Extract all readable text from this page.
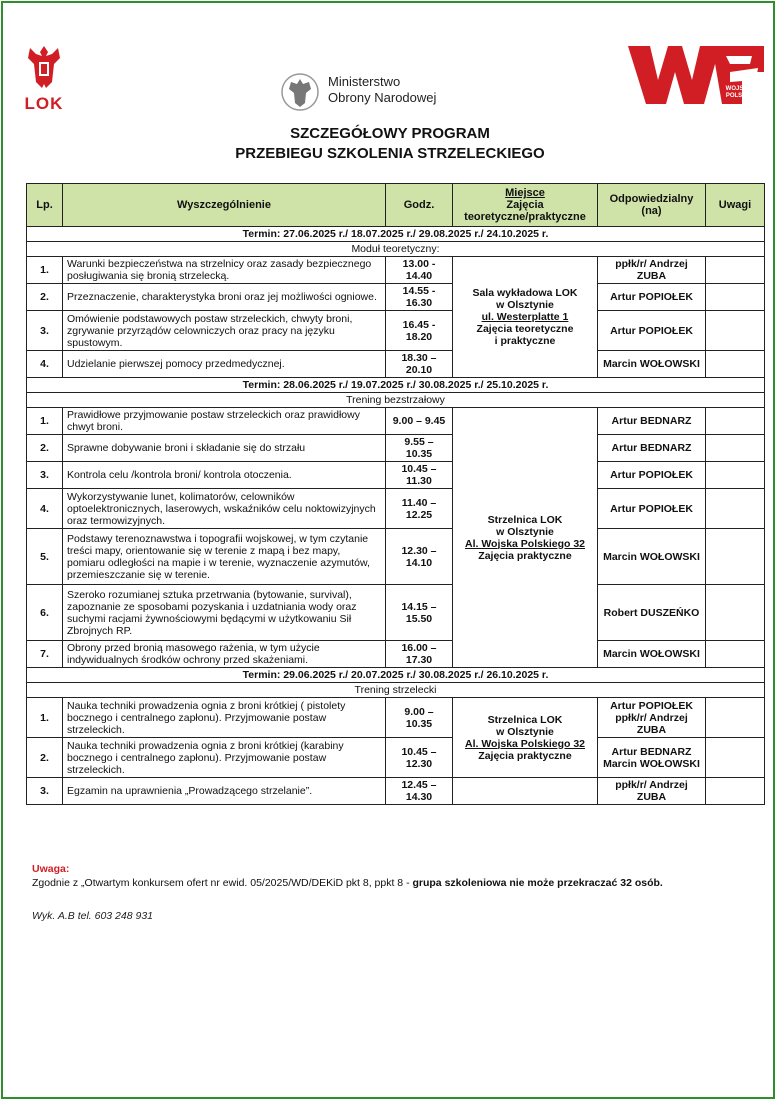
LOK
Ministerstwo
Obrony Narodowej
WOJSKO POLSKIE
SZCZEGÓŁOWY PROGRAM
PRZEBIEGU SZKOLENIA STRZELECKIEGO
Lp.	Wyszczególnienie	Godz.	Miejsce
Zajęcia
teoretyczne/praktyczne	Odpowiedzialny (na)	Uwagi
Termin: 27.06.2025 r./ 18.07.2025 r./ 29.08.2025 r./ 24.10.2025 r.					
Moduł teoretyczny:					
1.	Warunki bezpieczeństwa na strzelnicy oraz zasady bezpiecznego posługiwania się bronią strzelecką.	13.00 - 14.40	Sala wykładowa LOK
w Olsztynie
ul. Westerplatte 1
Zajęcia teoretyczne
i praktyczne	ppłk/r/ Andrzej ZUBA	
2.	Przeznaczenie, charakterystyka broni oraz jej możliwości ogniowe.	14.55 - 16.30		Artur POPIOŁEK	
3.	Omówienie podstawowych postaw strzeleckich, chwyty broni, zgrywanie przyrządów celowniczych oraz pracy na języku spustowym.	16.45 - 18.20		Artur POPIOŁEK	
4.	Udzielanie pierwszej pomocy przedmedycznej.	18.30 – 20.10		Marcin WOŁOWSKI	
Termin: 28.06.2025 r./ 19.07.2025 r./ 30.08.2025 r./ 25.10.2025 r.					
Trening bezstrzałowy					
1.	Prawidłowe przyjmowanie postaw strzeleckich oraz prawidłowy chwyt broni.	9.00 – 9.45	Strzelnica LOK
w Olsztynie
Al. Wojska Polskiego 32
Zajęcia praktyczne	Artur BEDNARZ	
2.	Sprawne dobywanie broni i składanie się do strzału	9.55 – 10.35		Artur BEDNARZ	
3.	Kontrola celu /kontrola broni/ kontrola otoczenia.	10.45 – 11.30		Artur POPIOŁEK	
4.	Wykorzystywanie lunet, kolimatorów, celowników optoelektronicznych, laserowych, wskaźników celu noktowizyjnych oraz termowizyjnych.	11.40 – 12.25		Artur POPIOŁEK	
5.	Podstawy terenoznawstwa i topografii wojskowej, w tym czytanie treści mapy, orientowanie się w terenie z mapą i bez mapy, pomiaru odległości na mapie i w terenie, wyznaczenie azymutów, przemieszczanie się w terenie.	12.30 – 14.10		Marcin WOŁOWSKI	
6.	Szeroko rozumianej sztuka przetrwania (bytowanie, survival), zapoznanie ze sposobami pozyskania i uzdatniania wody oraz suchymi racjami żywnościowymi będącymi w użytkowaniu Sił Zbrojnych RP.	14.15 – 15.50		Robert DUSZEŃKO	
7.	Obrony przed bronią masowego rażenia, w tym użycie indywidualnych środków ochrony przed skażeniami.	16.00 – 17.30		Marcin WOŁOWSKI	
Termin: 29.06.2025 r./ 20.07.2025 r./ 30.08.2025 r./ 26.10.2025 r.					
Trening strzelecki					
1.	Nauka techniki prowadzenia ognia z broni krótkiej ( pistolety bocznego i centralnego zapłonu). Przyjmowanie postaw strzeleckich.	9.00 – 10.35	Strzelnica LOK
w Olsztynie
Al. Wojska Polskiego 32
Zajęcia praktyczne	Artur POPIOŁEK ppłk/r/ Andrzej ZUBA	
2.	Nauka techniki prowadzenia ognia z broni krótkiej (karabiny bocznego i centralnego zapłonu). Przyjmowanie postaw strzeleckich.	10.45 – 12.30		Artur BEDNARZ Marcin WOŁOWSKI	
3.	Egzamin na uprawnienia „Prowadzącego strzelanie”.	12.45 – 14.30		ppłk/r/ Andrzej ZUBA	
Uwaga:
Zgodnie z „Otwartym konkursem ofert nr ewid. 05/2025/WD/DEKiD pkt 8, ppkt 8 - grupa szkoleniowa nie może przekraczać 32 osób.
Wyk. A.B tel. 603 248 931
